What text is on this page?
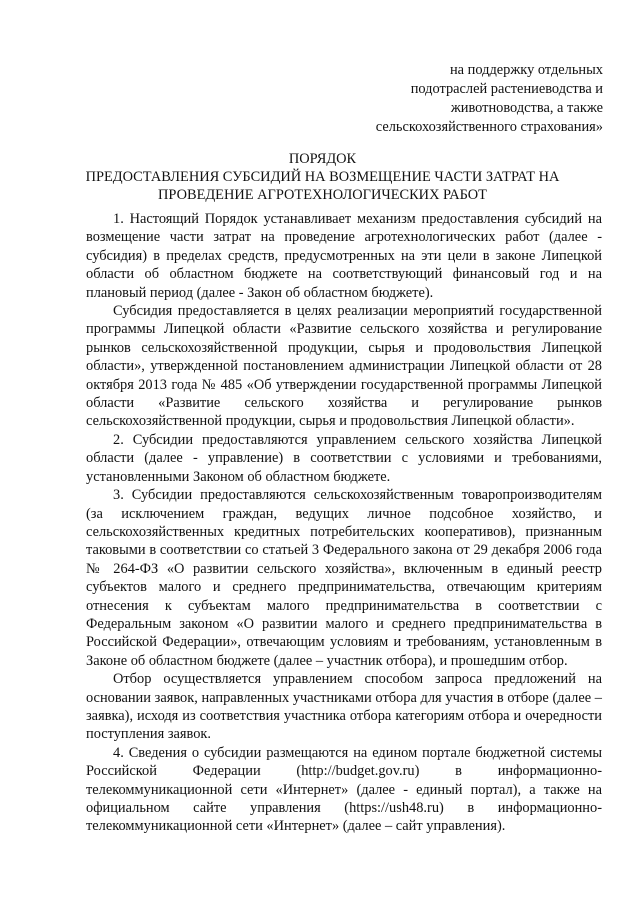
на поддержку отдельных
подотраслей растениеводства и
животноводства, а также
сельскохозяйственного страхования»
ПОРЯДОК
ПРЕДОСТАВЛЕНИЯ СУБСИДИЙ НА ВОЗМЕЩЕНИЕ ЧАСТИ ЗАТРАТ НА
ПРОВЕДЕНИЕ АГРОТЕХНОЛОГИЧЕСКИХ РАБОТ

1. Настоящий Порядок устанавливает механизм предоставления субсидий на возмещение части затрат на проведение агротехнологических работ (далее - субсидия) в пределах средств, предусмотренных на эти цели в законе Липецкой области об областном бюджете на соответствующий финансовый год и на плановый период (далее - Закон об областном бюджете).

Субсидия предоставляется в целях реализации мероприятий государственной программы Липецкой области «Развитие сельского хозяйства и регулирование рынков сельскохозяйственной продукции, сырья и продовольствия Липецкой области», утвержденной постановлением администрации Липецкой области от 28 октября 2013 года № 485 «Об утверждении государственной программы Липецкой области «Развитие сельского хозяйства и регулирование рынков сельскохозяйственной продукции, сырья и продовольствия Липецкой области».

2. Субсидии предоставляются управлением сельского хозяйства Липецкой области (далее - управление) в соответствии с условиями и требованиями, установленными Законом об областном бюджете.

3. Субсидии предоставляются сельскохозяйственным товаропроизводителям (за исключением граждан, ведущих личное подсобное хозяйство, и сельскохозяйственных кредитных потребительских кооперативов), признанным таковыми в соответствии со статьей 3 Федерального закона от 29 декабря 2006 года № 264-ФЗ «О развитии сельского хозяйства», включенным в единый реестр субъектов малого и среднего предпринимательства, отвечающим критериям отнесения к субъектам малого предпринимательства в соответствии с Федеральным законом «О развитии малого и среднего предпринимательства в Российской Федерации», отвечающим условиям и требованиям, установленным в Законе об областном бюджете (далее – участник отбора), и прошедшим отбор.

Отбор осуществляется управлением способом запроса предложений на основании заявок, направленных участниками отбора для участия в отборе (далее – заявка), исходя из соответствия участника отбора категориям отбора и очередности поступления заявок.

4. Сведения о субсидии размещаются на едином портале бюджетной системы Российской Федерации (http://budget.gov.ru) в информационно-телекоммуникационной сети «Интернет» (далее - единый портал), а также на официальном сайте управления (https://ush48.ru) в информационно-телекоммуникационной сети «Интернет» (далее – сайт управления).
